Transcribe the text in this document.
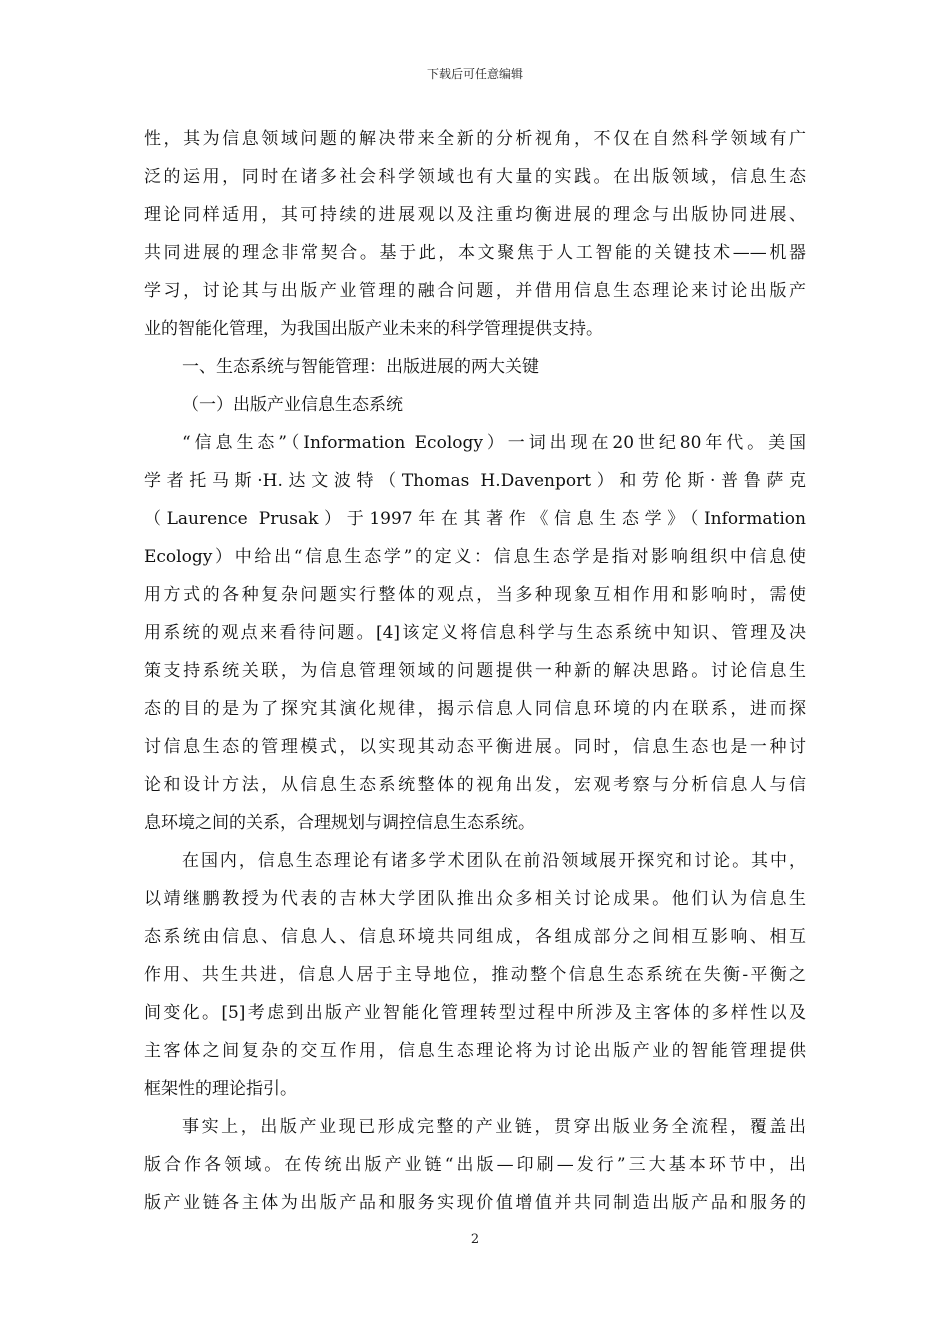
下载后可任意编辑
性，其为信息领域问题的解决带来全新的分析视角，不仅在自然科学领域有广
泛的运用，同时在诸多社会科学领域也有大量的实践。在出版领域，信息生态
理论同样适用，其可持续的进展观以及注重均衡进展的理念与出版协同进展、
共同进展的理念非常契合。基于此，本文聚焦于人工智能的关键技术——机器
学习，讨论其与出版产业管理的融合问题，并借用信息生态理论来讨论出版产
业的智能化管理，为我国出版产业未来的科学管理提供支持。
一、生态系统与智能管理：出版进展的两大关键
（一）出版产业信息生态系统
“信息生态”（Information Ecology）一词出现在20世纪80年代。美国
学者托马斯·H.达文波特（Thomas H.Davenport）和劳伦斯·普鲁萨克
（Laurence Prusak）于1997年在其著作《信息生态学》（Information
Ecology）中给出“信息生态学”的定义：信息生态学是指对影响组织中信息使
用方式的各种复杂问题实行整体的观点，当多种现象互相作用和影响时，需使
用系统的观点来看待问题。[4]该定义将信息科学与生态系统中知识、管理及决
策支持系统关联，为信息管理领域的问题提供一种新的解决思路。讨论信息生
态的目的是为了探究其演化规律，揭示信息人同信息环境的内在联系，进而探
讨信息生态的管理模式，以实现其动态平衡进展。同时，信息生态也是一种讨
论和设计方法，从信息生态系统整体的视角出发，宏观考察与分析信息人与信
息环境之间的关系，合理规划与调控信息生态系统。
在国内，信息生态理论有诸多学术团队在前沿领域展开探究和讨论。其中，
以靖继鹏教授为代表的吉林大学团队推出众多相关讨论成果。他们认为信息生
态系统由信息、信息人、信息环境共同组成，各组成部分之间相互影响、相互
作用、共生共进，信息人居于主导地位，推动整个信息生态系统在失衡-平衡之
间变化。[5]考虑到出版产业智能化管理转型过程中所涉及主客体的多样性以及
主客体之间复杂的交互作用，信息生态理论将为讨论出版产业的智能管理提供
框架性的理论指引。
事实上，出版产业现已形成完整的产业链，贯穿出版业务全流程，覆盖出
版合作各领域。在传统出版产业链“出版—印刷—发行”三大基本环节中，出
版产业链各主体为出版产品和服务实现价值增值并共同制造出版产品和服务的
2
